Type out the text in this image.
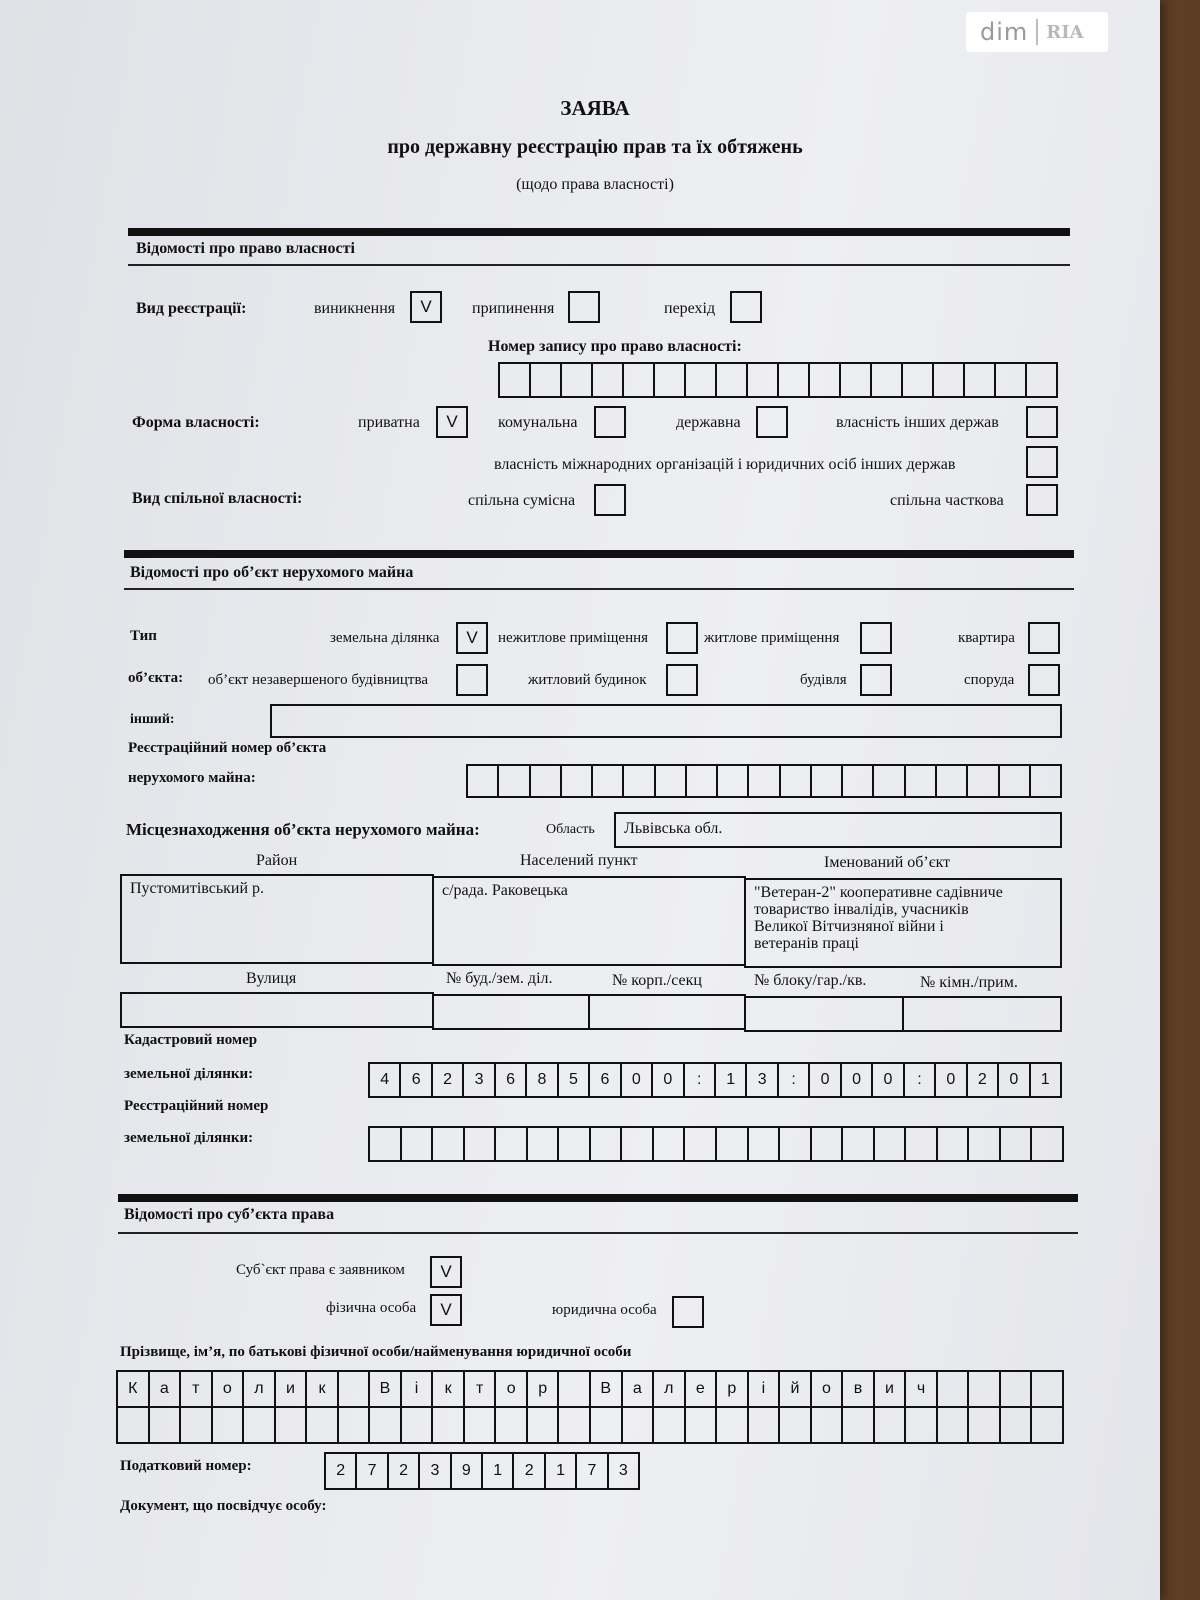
dim RIA
ЗАЯВА
про державну реєстрацію прав та їх обтяжень
(щодо права власності)
Відомості про право власності
Вид реєстрації:	виникнення	V	припинення	перехід
Номер запису про право власності:
Форма власності:	приватна	V	комунальна	державна	власність інших держав
власність міжнародних організацій і юридичних осіб інших держав
Вид спільної власності:	спільна сумісна	спільна часткова
Відомості про об’єкт нерухомого майна
Тип
об’єкта:
земельна ділянка	V	нежитлове приміщення	житлове приміщення	квартира
об’єкт незавершеного будівництва	житловий будинок	будівля	споруда
інший:
Реєстраційний номер об’єкта
нерухомого майна:
Місцезнаходження об’єкта нерухомого майна:	Область	Львівська обл.
Район	Населений пункт	Іменований об’єкт
Пустомитівський р.	с/рада. Раковецька	"Ветеран-2" кооперативне садівниче
товариство інвалідів, учасників
Великої Вітчизняної війни і
ветеранів праці
Вулиця	№ буд./зем. діл.	№ корп./секц	№ блоку/гар./кв.	№ кімн./прим.
Кадастровий номер
земельної ділянки:	4	6	2	3	6	8	5	6	0	0	:	1	3	:	0	0	0	:	0	2	0	1
Реєстраційний номер
земельної ділянки:
Відомості про суб’єкта права
Суб`єкт права є заявником	V
фізична особа	V	юридична особа
Прізвище, ім’я, по батькові фізичної особи/найменування юридичної особи
К	а	т	о	л	и	к	В	і	к	т	о	р	В	а	л	е	р	і	й	о	в	и	ч
Податковий номер:	2	7	2	3	9	1	2	1	7	3
Документ, що посвідчує особу:
